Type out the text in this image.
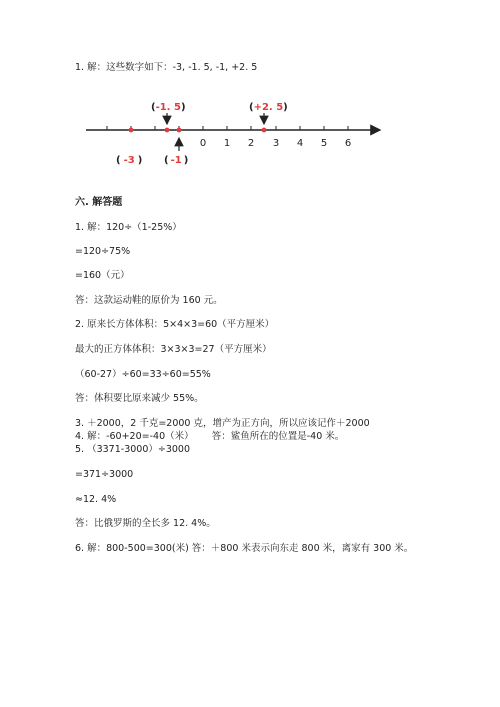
1. 解：这些数字如下：-3, -1. 5, -1, +2. 5
0 1 2 3 4 5 6
(-1. 5)	(+2. 5)
( -3 ) ( -1 )
六. 解答题
1. 解：120÷（1-25%）
=120÷75%
=160（元）
答：这款运动鞋的原价为 160 元。
2. 原来长方体体积：5×4×3=60（平方厘米）
最大的正方体体积：3×3×3=27（平方厘米）
（60-27）÷60=33÷60=55%
答：体积要比原来减少 55%。
3. ＋2000，2 千克=2000 克，增产为正方向，所以应该记作＋2000
4. 解：-60+20=-40（米）      答：鲨鱼所在的位置是-40 米。
5. （3371-3000）÷3000
=371÷3000
≈12. 4%
答：比俄罗斯的全长多 12. 4%。
6. 解：800-500=300(米) 答：＋800 米表示向东走 800 米，离家有 300 米。
